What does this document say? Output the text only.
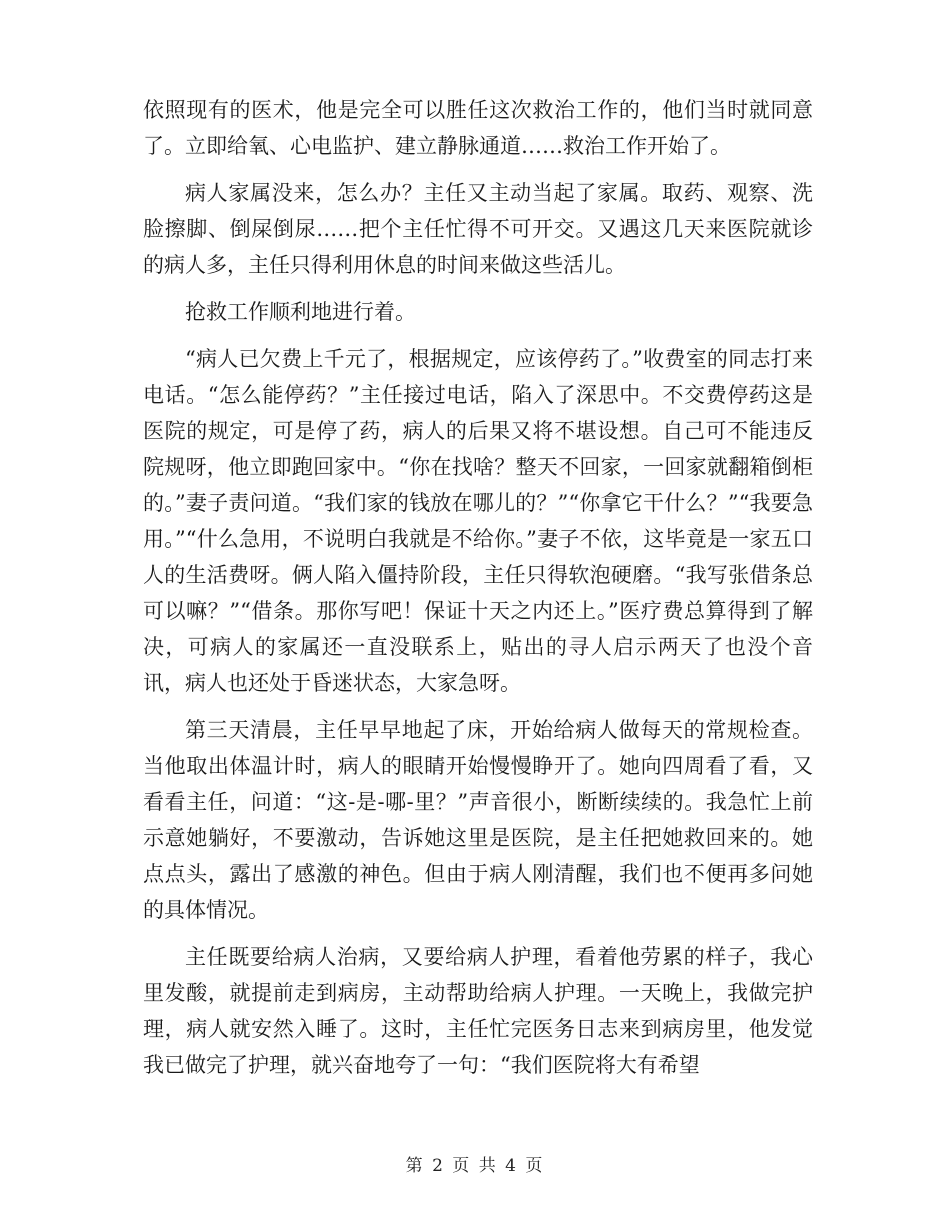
依照现有的医术，他是完全可以胜任这次救治工作的，他们当时就同意了。立即给氧、心电监护、建立静脉通道……救治工作开始了。

病人家属没来，怎么办？主任又主动当起了家属。取药、观察、洗脸擦脚、倒屎倒尿……把个主任忙得不可开交。又遇这几天来医院就诊的病人多，主任只得利用休息的时间来做这些活儿。

抢救工作顺利地进行着。

“病人已欠费上千元了，根据规定，应该停药了。”收费室的同志打来电话。“怎么能停药？”主任接过电话，陷入了深思中。不交费停药这是医院的规定，可是停了药，病人的后果又将不堪设想。自己可不能违反院规呀，他立即跑回家中。“你在找啥？整天不回家，一回家就翻箱倒柜的。”妻子责问道。“我们家的钱放在哪儿的？”“你拿它干什么？”“我要急用。”“什么急用，不说明白我就是不给你。”妻子不依，这毕竟是一家五口人的生活费呀。俩人陷入僵持阶段，主任只得软泡硬磨。“我写张借条总可以嘛？”“借条。那你写吧！保证十天之内还上。”医疗费总算得到了解决，可病人的家属还一直没联系上，贴出的寻人启示两天了也没个音讯，病人也还处于昏迷状态，大家急呀。

第三天清晨，主任早早地起了床，开始给病人做每天的常规检查。当他取出体温计时，病人的眼睛开始慢慢睁开了。她向四周看了看，又看看主任，问道：“这-是-哪-里？”声音很小，断断续续的。我急忙上前示意她躺好，不要激动，告诉她这里是医院，是主任把她救回来的。她点点头，露出了感激的神色。但由于病人刚清醒，我们也不便再多问她的具体情况。

主任既要给病人治病，又要给病人护理，看着他劳累的样子，我心里发酸，就提前走到病房，主动帮助给病人护理。一天晚上，我做完护理，病人就安然入睡了。这时，主任忙完医务日志来到病房里，他发觉我已做完了护理，就兴奋地夸了一句：“我们医院将大有希望

第 2 页 共 4 页
